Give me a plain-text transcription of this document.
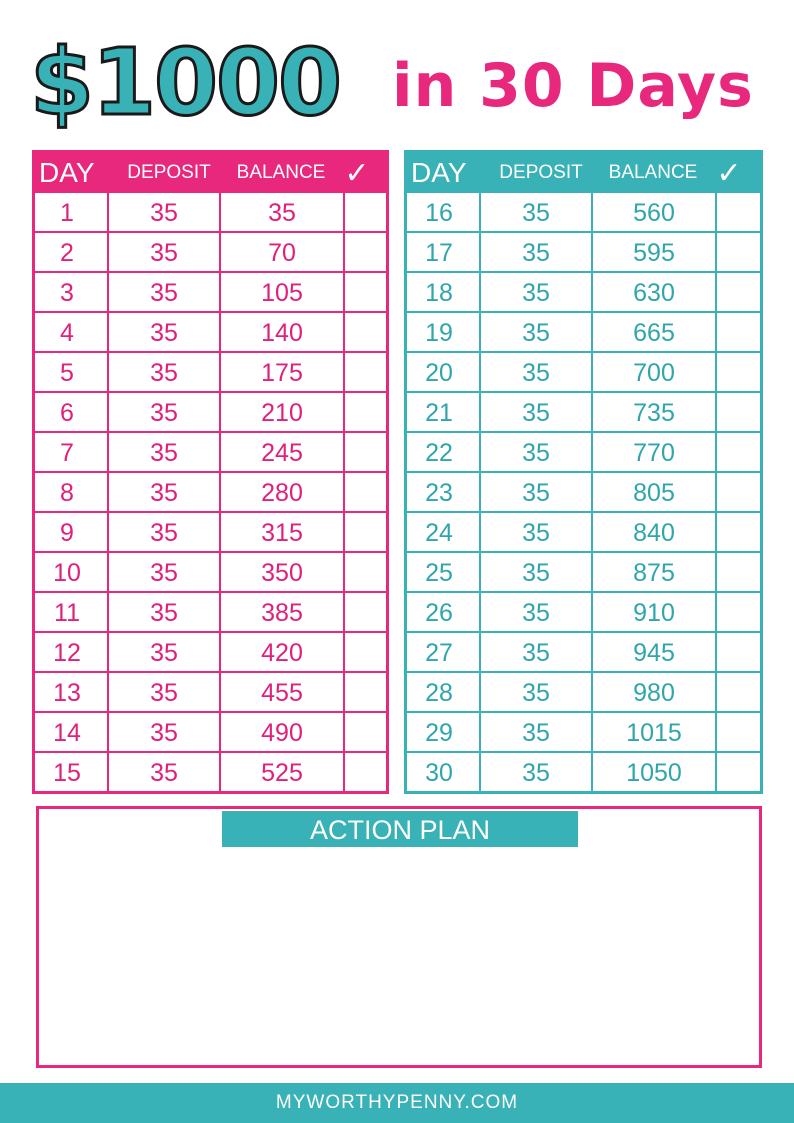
$1000 in 30 Days
DAY	DEPOSIT	BALANCE ✓
1	35	35
2	35	70
3	35	105
4	35	140
5	35	175
6	35	210
7	35	245
8	35	280
9	35	315
10	35	350
11	35	385
12	35	420
13	35	455
14	35	490
15	35	525
DAY	DEPOSIT	BALANCE ✓
16	35	560
17	35	595
18	35	630
19	35	665
20	35	700
21	35	735
22	35	770
23	35	805
24	35	840
25	35	875
26	35	910
27	35	945
28	35	980
29	35	1015
30	35	1050
ACTION PLAN
MYWORTHYPENNY.COM
